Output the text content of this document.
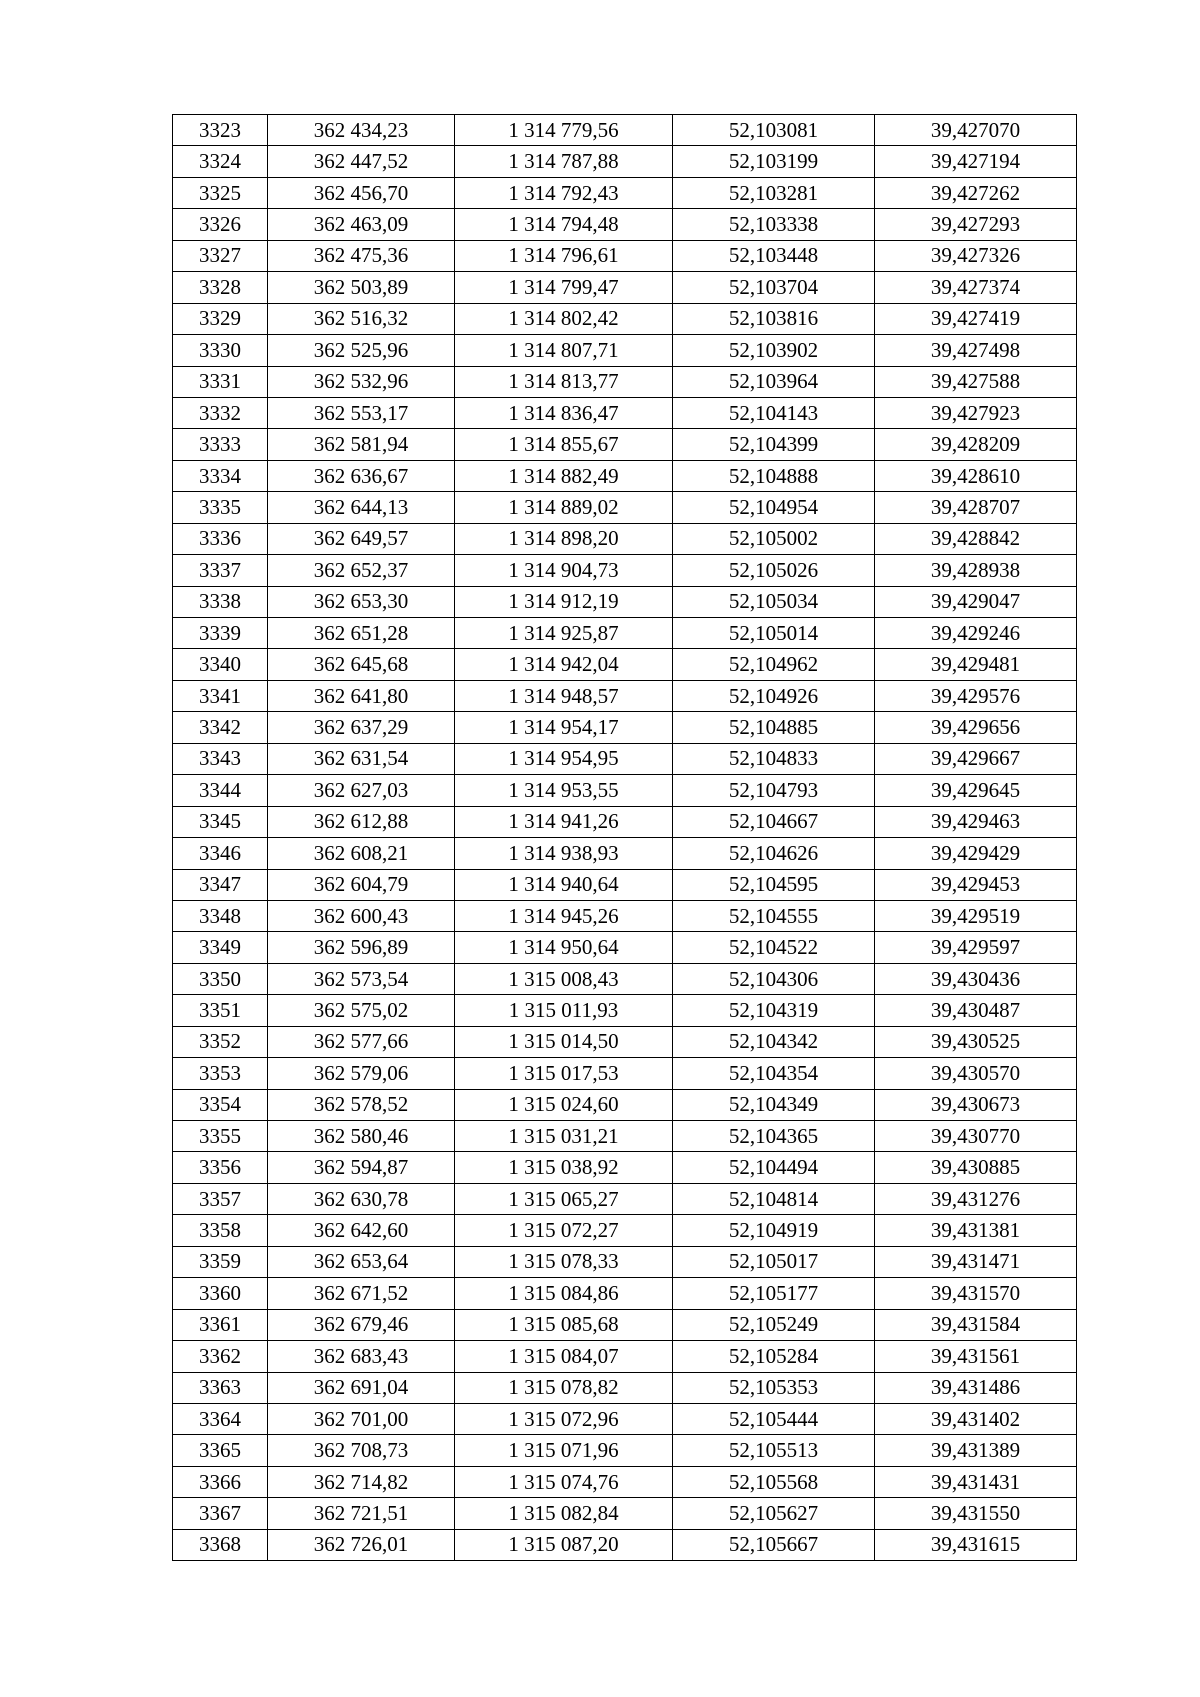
3323	362 434,23	1 314 779,56	52,103081	39,427070
3324	362 447,52	1 314 787,88	52,103199	39,427194
3325	362 456,70	1 314 792,43	52,103281	39,427262
3326	362 463,09	1 314 794,48	52,103338	39,427293
3327	362 475,36	1 314 796,61	52,103448	39,427326
3328	362 503,89	1 314 799,47	52,103704	39,427374
3329	362 516,32	1 314 802,42	52,103816	39,427419
3330	362 525,96	1 314 807,71	52,103902	39,427498
3331	362 532,96	1 314 813,77	52,103964	39,427588
3332	362 553,17	1 314 836,47	52,104143	39,427923
3333	362 581,94	1 314 855,67	52,104399	39,428209
3334	362 636,67	1 314 882,49	52,104888	39,428610
3335	362 644,13	1 314 889,02	52,104954	39,428707
3336	362 649,57	1 314 898,20	52,105002	39,428842
3337	362 652,37	1 314 904,73	52,105026	39,428938
3338	362 653,30	1 314 912,19	52,105034	39,429047
3339	362 651,28	1 314 925,87	52,105014	39,429246
3340	362 645,68	1 314 942,04	52,104962	39,429481
3341	362 641,80	1 314 948,57	52,104926	39,429576
3342	362 637,29	1 314 954,17	52,104885	39,429656
3343	362 631,54	1 314 954,95	52,104833	39,429667
3344	362 627,03	1 314 953,55	52,104793	39,429645
3345	362 612,88	1 314 941,26	52,104667	39,429463
3346	362 608,21	1 314 938,93	52,104626	39,429429
3347	362 604,79	1 314 940,64	52,104595	39,429453
3348	362 600,43	1 314 945,26	52,104555	39,429519
3349	362 596,89	1 314 950,64	52,104522	39,429597
3350	362 573,54	1 315 008,43	52,104306	39,430436
3351	362 575,02	1 315 011,93	52,104319	39,430487
3352	362 577,66	1 315 014,50	52,104342	39,430525
3353	362 579,06	1 315 017,53	52,104354	39,430570
3354	362 578,52	1 315 024,60	52,104349	39,430673
3355	362 580,46	1 315 031,21	52,104365	39,430770
3356	362 594,87	1 315 038,92	52,104494	39,430885
3357	362 630,78	1 315 065,27	52,104814	39,431276
3358	362 642,60	1 315 072,27	52,104919	39,431381
3359	362 653,64	1 315 078,33	52,105017	39,431471
3360	362 671,52	1 315 084,86	52,105177	39,431570
3361	362 679,46	1 315 085,68	52,105249	39,431584
3362	362 683,43	1 315 084,07	52,105284	39,431561
3363	362 691,04	1 315 078,82	52,105353	39,431486
3364	362 701,00	1 315 072,96	52,105444	39,431402
3365	362 708,73	1 315 071,96	52,105513	39,431389
3366	362 714,82	1 315 074,76	52,105568	39,431431
3367	362 721,51	1 315 082,84	52,105627	39,431550
3368	362 726,01	1 315 087,20	52,105667	39,431615
